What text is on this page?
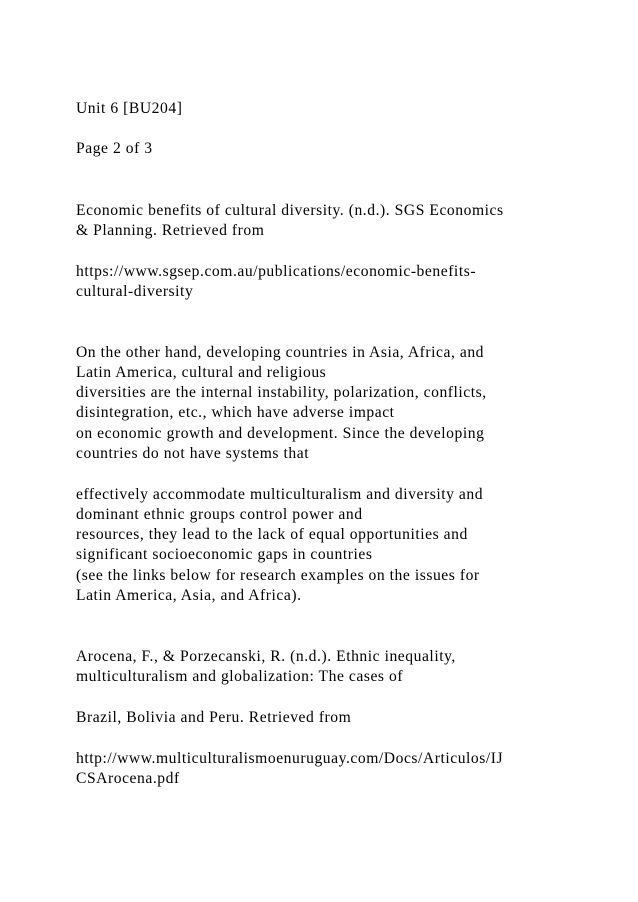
Unit 6 [BU204]

Page 2 of 3

Economic benefits of cultural diversity. (n.d.). SGS Economics

& Planning. Retrieved from

https://www.sgsep.com.au/publications/economic-benefits-

cultural-diversity

On the other hand, developing countries in Asia, Africa, and

Latin America, cultural and religious

diversities are the internal instability, polarization, conflicts,

disintegration, etc., which have adverse impact

on economic growth and development. Since the developing

countries do not have systems that

effectively accommodate multiculturalism and diversity and

dominant ethnic groups control power and

resources, they lead to the lack of equal opportunities and

significant socioeconomic gaps in countries

(see the links below for research examples on the issues for

Latin America, Asia, and Africa).

Arocena, F., & Porzecanski, R. (n.d.). Ethnic inequality,

multiculturalism and globalization: The cases of

Brazil, Bolivia and Peru. Retrieved from

http://www.multiculturalismoenuruguay.com/Docs/Articulos/IJ

CSArocena.pdf
